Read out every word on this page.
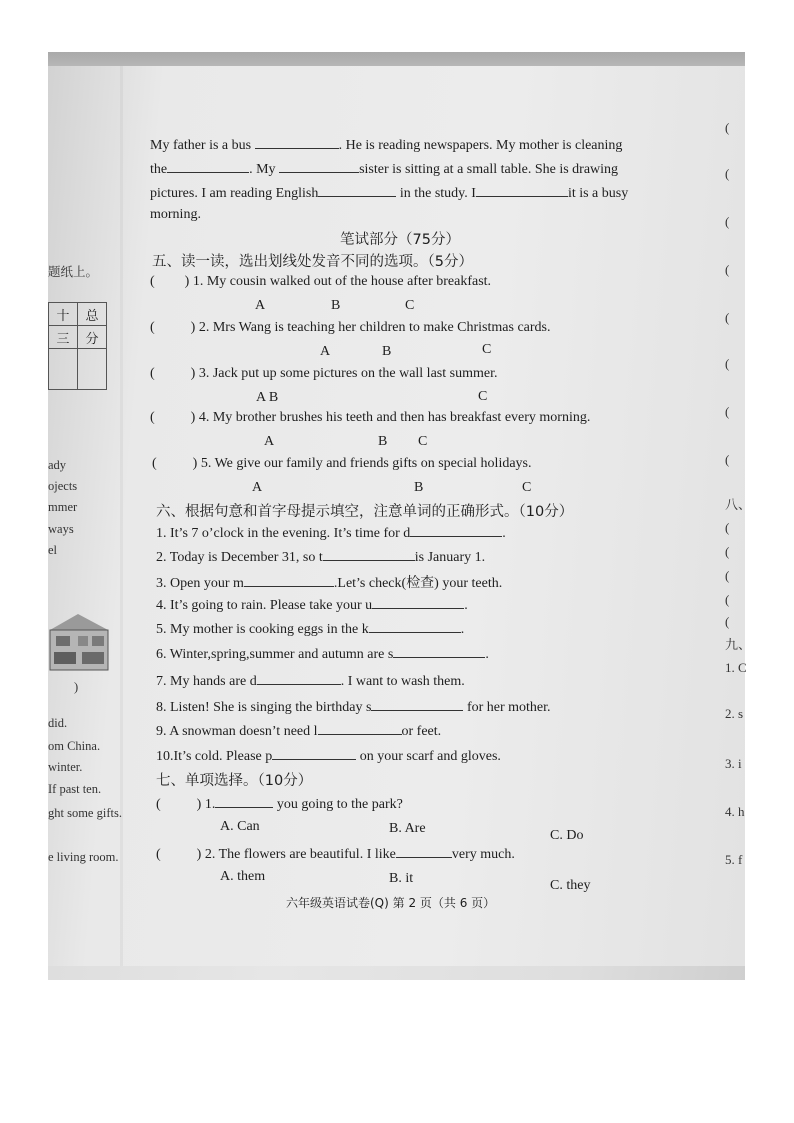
题纸上。
十	总
三	分

ady
ojects
mmer
ways
el
)
did.
om China.
winter.
If past ten.
ght some gifts.
e living room.
(
(
(
(
(
(
(
(
八、
(
(
(
(
(
九、
1. C
2. s
3. i
4. h
5. f
My father is a bus	. He is reading newspapers. My mother is cleaning
the	. My	sister is sitting at a small table. She is drawing
pictures. I am reading English	in the study. I	it is a busy
morning.
笔试部分（75分）
五、读一读，选出划线处发音不同的选项。（5分）
( ) 1. My cousin walked out of the house after breakfast.
A	B	C
(	) 2. Mrs Wang is teaching her children to make Christmas cards.
A	B	C
(	) 3. Jack put up some pictures on the wall last summer.
A B	C
(	) 4. My brother brushes his teeth and then has breakfast every morning.
A	B C
(	) 5. We give our family and friends gifts on special holidays.
A	B	C
六、根据句意和首字母提示填空，注意单词的正确形式。（10分）
1. It’s 7 o’clock in the evening. It’s time for d	.
2. Today is December 31, so t	is January 1.
3. Open your m	.Let’s check(检查) your teeth.
4. It’s going to rain. Please take your u	.
5. My mother is cooking eggs in the k	.
6. Winter,spring,summer and autumn are s	.
7. My hands are d	. I want to wash them.
8. Listen! She is singing the birthday s	for her mother.
9. A snowman doesn’t need l	or feet.
10.It’s cold. Please p	on your scarf and gloves.
七、单项选择。（10分）
(	) 1.	you going to the park?
A. Can	B. Are	C. Do
(	) 2. The flowers are beautiful. I like	very much.
A. them	B. it	C. they
六年级英语试卷(Q) 第 2 页（共 6 页）
